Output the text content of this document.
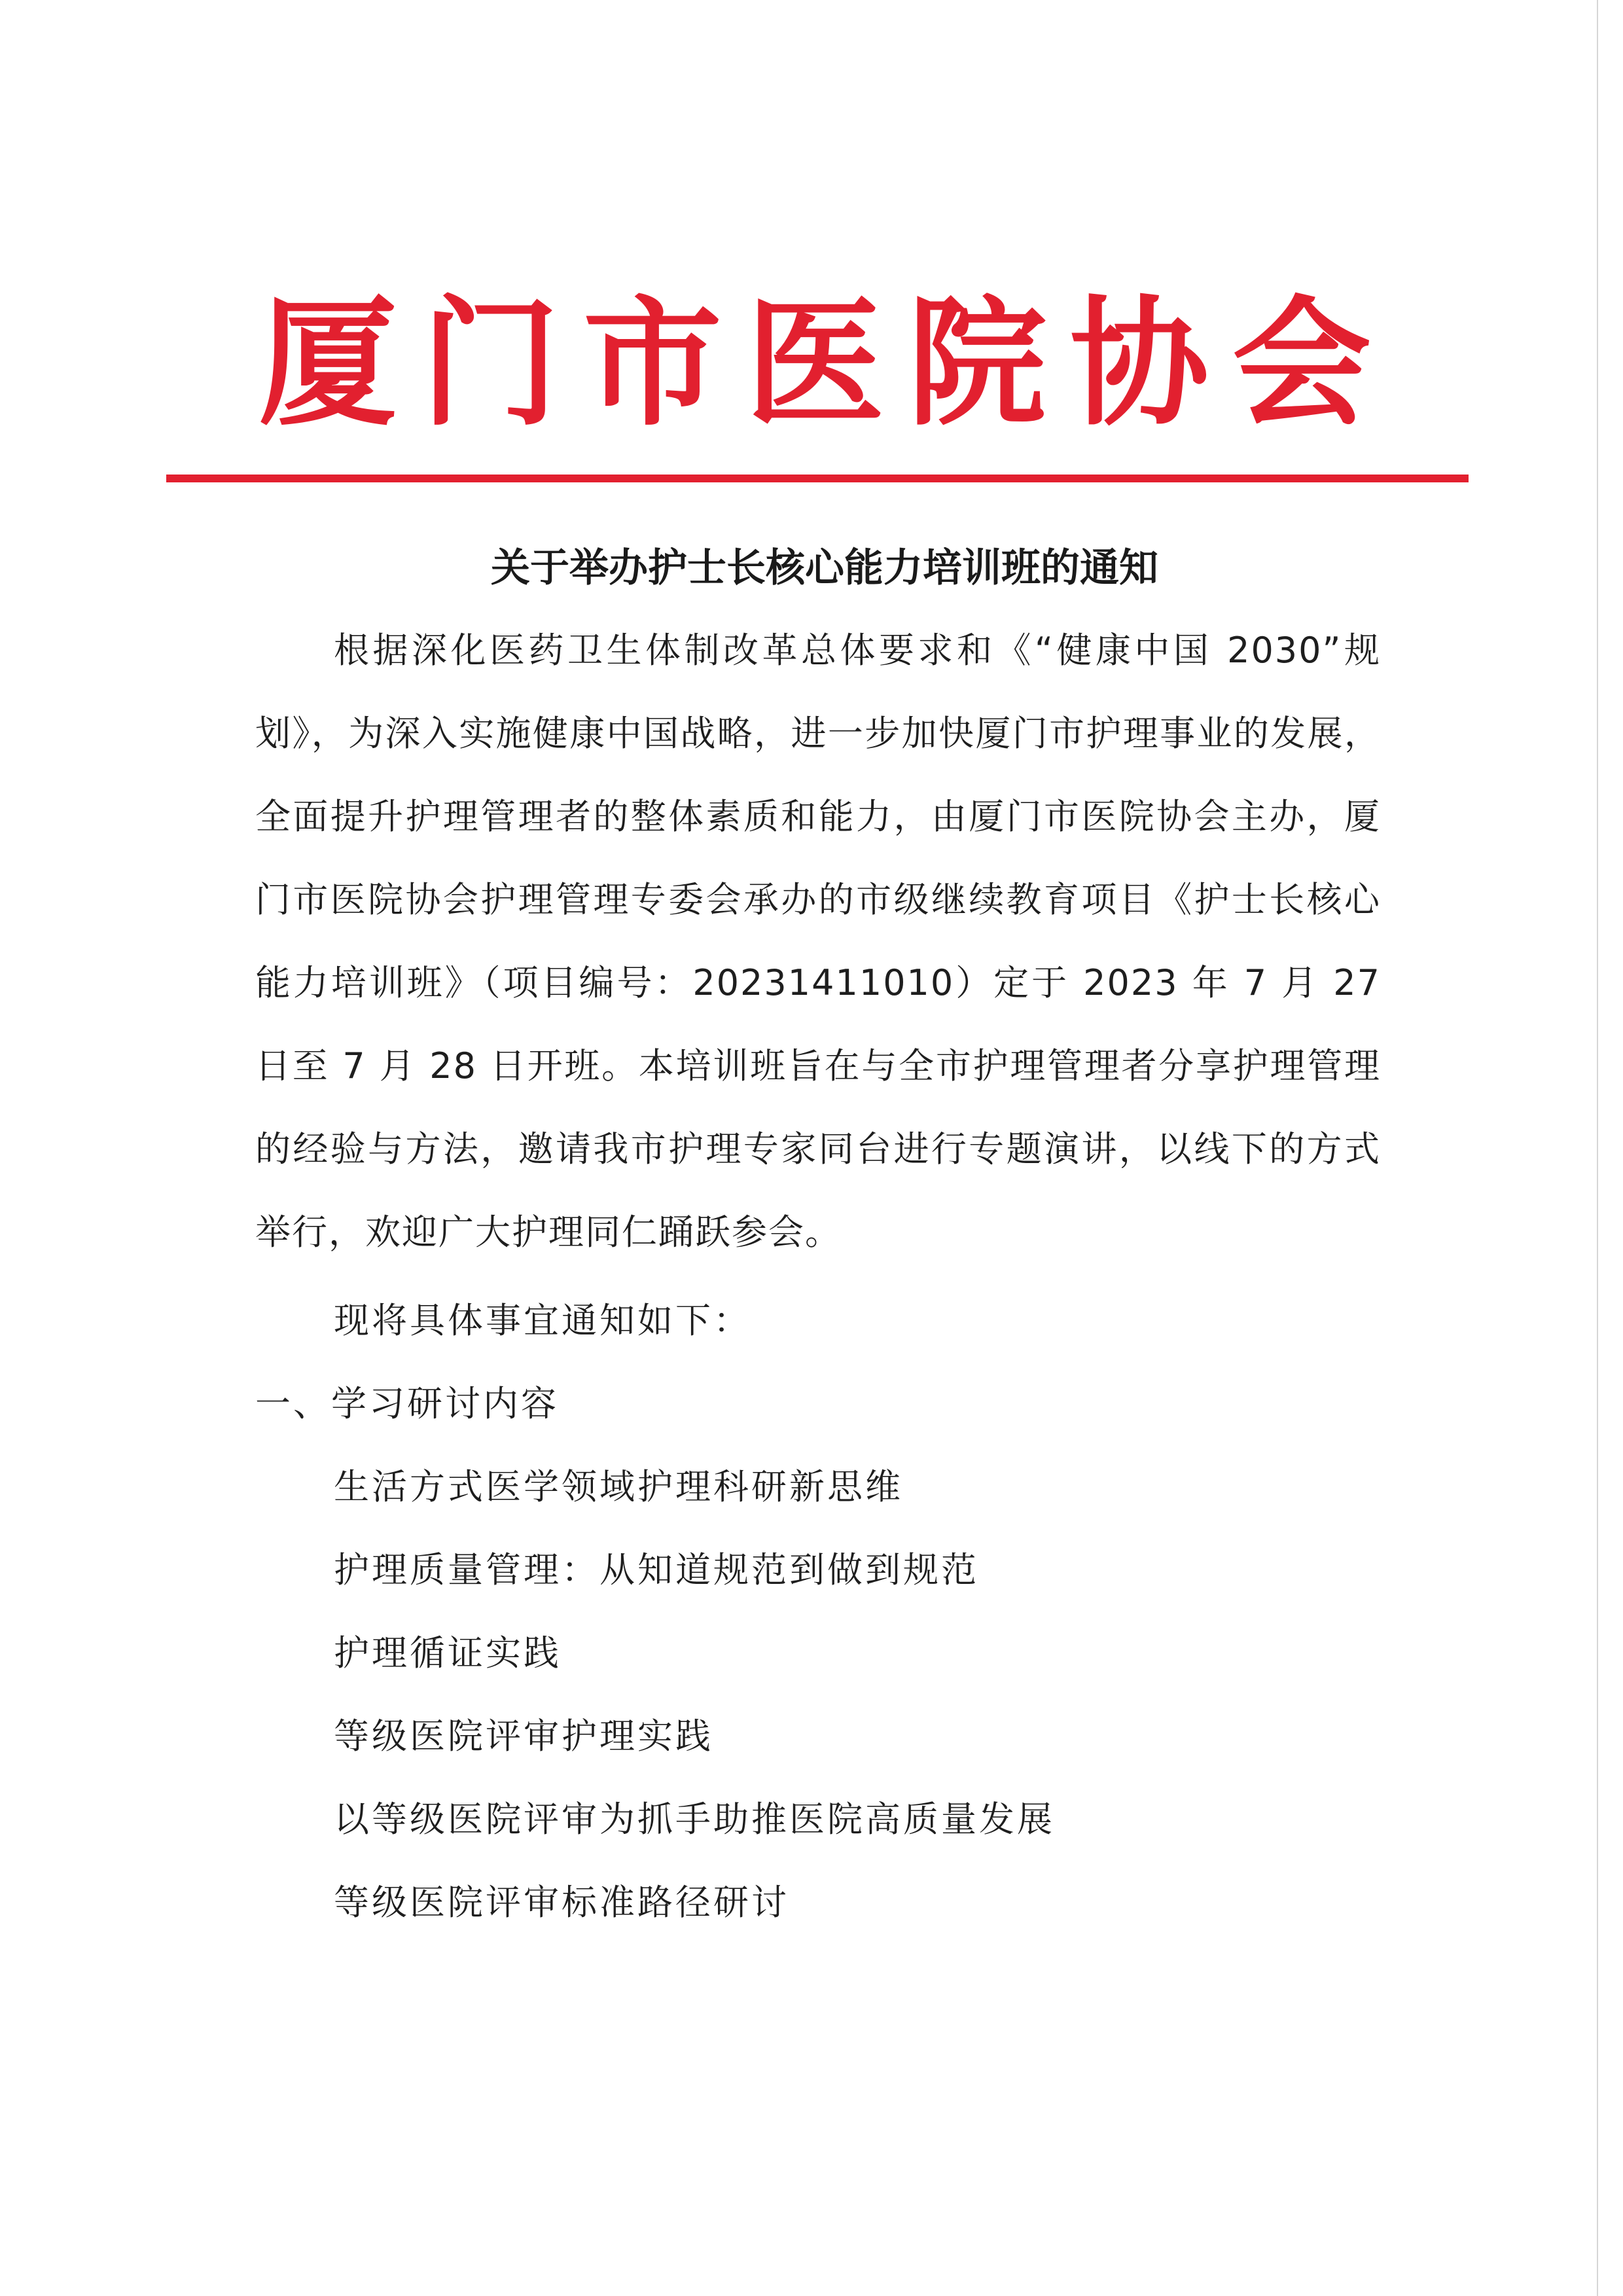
厦 门 市 医 院 协 会
关于举办护士长核心能力培训班的通知
根据深化医药卫生体制改革总体要求和《“健康中国 2030”规划》，为深入实施健康中国战略，进一步加快厦门市护理事业的发展，全面提升护理管理者的整体素质和能力，由厦门市医院协会主办，厦门市医院协会护理管理专委会承办的市级继续教育项目《护士长核心能力培训班》（项目编号：20231411010）定于 2023 年 7 月 27 日至 7 月 28 日开班。本培训班旨在与全市护理管理者分享护理管理的经验与方法，邀请我市护理专家同台进行专题演讲，以线下的方式举行，欢迎广大护理同仁踊跃参会。
现将具体事宜通知如下：
一、学习研讨内容
生活方式医学领域护理科研新思维
护理质量管理：从知道规范到做到规范
护理循证实践
等级医院评审护理实践
以等级医院评审为抓手助推医院高质量发展
等级医院评审标准路径研讨
